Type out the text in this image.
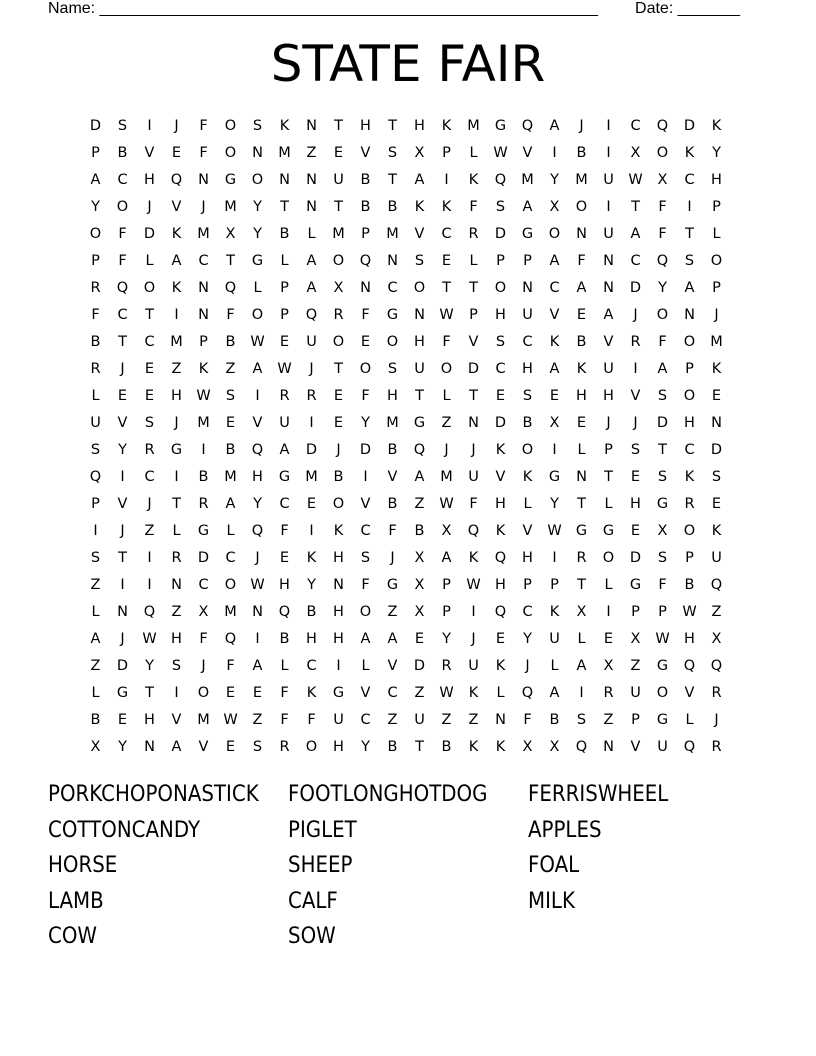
Name: ________________________________________________________ Date: _______
STATE FAIR
D	S	I	J	F	O	S	K	N	T	H	T	H	K	M	G	Q	A	J	I	C	Q	D	K
P	B	V	E	F	O	N	M	Z	E	V	S	X	P	L	W	V	I	B	I	X	O	K	Y
A	C	H	Q	N	G	O	N	N	U	B	T	A	I	K	Q	M	Y	M	U	W	X	C	H
Y	O	J	V	J	M	Y	T	N	T	B	B	K	K	F	S	A	X	O	I	T	F	I	P
O	F	D	K	M	X	Y	B	L	M	P	M	V	C	R	D	G	O	N	U	A	F	T	L
P	F	L	A	C	T	G	L	A	O	Q	N	S	E	L	P	P	A	F	N	C	Q	S	O
R	Q	O	K	N	Q	L	P	A	X	N	C	O	T	T	O	N	C	A	N	D	Y	A	P
F	C	T	I	N	F	O	P	Q	R	F	G	N W	P	H	U	V	E	A	J	O	N	J
B	T	C	M	P	B	W	E	U	O	E	O	H	F	V	S	C	K	B	V	R	F	O	M
R	J	E	Z	K	Z	A	W	J	T	O	S	U	O	D	C	H	A	K	U	I	A	P	K
L	E	E	H W	S	I	R	R	E	F	H	T	L	T	E	S	E	H	H	V	S	O	E
U	V	S	J	M	E	V	U	I	E	Y	M	G	Z	N	D	B	X	E	J	J	D	H	N
S	Y	R	G	I	B	Q	A	D	J	D	B	Q	J	J	K	O	I	L	P	S	T	C	D
Q	I	C	I	B	M	H	G	M	B	I	V	A	M	U	V	K	G	N	T	E	S	K	S
P	V	J	T	R	A	Y	C	E	O	V	B	Z	W	F	H	L	Y	T	L	H	G	R	E
I	J	Z	L	G	L	Q	F	I	K	C	F	B	X	Q	K	V	W G	G	E	X	O	K
S	T	I	R	D	C	J	E	K	H	S	J	X	A	K	Q	H	I	R	O	D	S	P	U
Z	I	I	N	C	O W H	Y	N	F	G	X	P	W H	P	P	T	L	G	F	B	Q
L	N	Q	Z	X	M	N	Q	B	H	O	Z	X	P	I	Q	C	K	X	I	P	P	W	Z
A	J	W H	F	Q	I	B	H	H	A	A	E	Y	J	E	Y	U	L	E	X	W H	X
Z	D	Y	S	J	F	A	L	C	I	L	V	D	R	U	K	J	L	A	X	Z	G	Q	Q
L	G	T	I	O	E	E	F	K	G	V	C	Z	W	K	L	Q	A	I	R	U	O	V	R
B	E	H	V	M W	Z	F	F	U	C	Z	U	Z	Z	N	F	B	S	Z	P	G	L	J
X	Y	N	A	V	E	S	R	O	H	Y	B	T	B	K	K	X	X	Q	N	V	U	Q	R
PORKCHOPONASTICK FOOTLONGHOTDOG	FERRISWHEEL
COTTONCANDY	PIGLET	APPLES
HORSE	SHEEP	FOAL
LAMB	CALF	MILK
COW	SOW
